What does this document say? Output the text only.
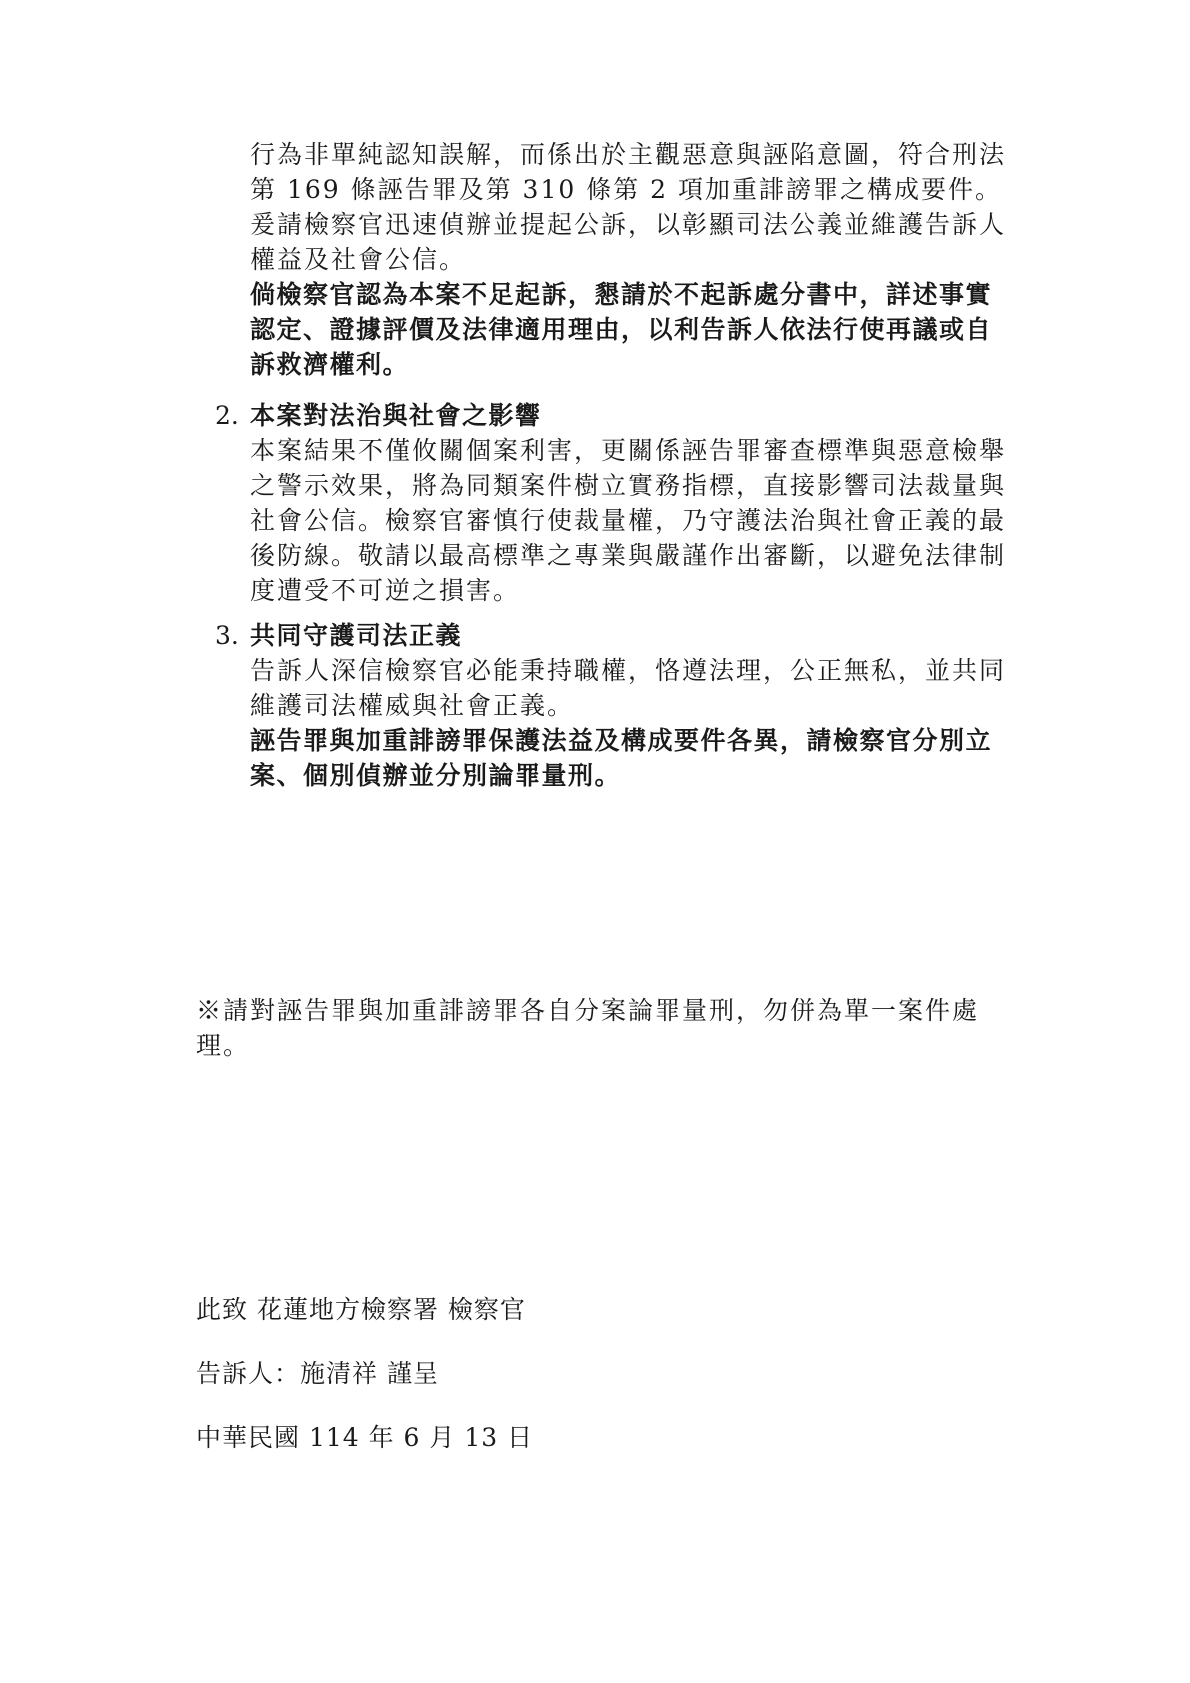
行為非單純認知誤解，而係出於主觀惡意與誣陷意圖，符合刑法第 169 條誣告罪及第 310 條第 2 項加重誹謗罪之構成要件。爰請檢察官迅速偵辦並提起公訴，以彰顯司法公義並維護告訴人權益及社會公信。

倘檢察官認為本案不足起訴，懇請於不起訴處分書中，詳述事實認定、證據評價及法律適用理由，以利告訴人依法行使再議或自訴救濟權利。

2. 本案對法治與社會之影響

本案結果不僅攸關個案利害，更關係誣告罪審查標準與惡意檢舉之警示效果，將為同類案件樹立實務指標，直接影響司法裁量與社會公信。檢察官審慎行使裁量權，乃守護法治與社會正義的最後防線。敬請以最高標準之專業與嚴謹作出審斷，以避免法律制度遭受不可逆之損害。

3. 共同守護司法正義

告訴人深信檢察官必能秉持職權，恪遵法理，公正無私，並共同維護司法權威與社會正義。

誣告罪與加重誹謗罪保護法益及構成要件各異，請檢察官分別立案、個別偵辦並分別論罪量刑。

※請對誣告罪與加重誹謗罪各自分案論罪量刑，勿併為單一案件處理。

此致 花蓮地方檢察署 檢察官
告訴人：施清祥 謹呈
中華民國 114 年 6 月 13 日
